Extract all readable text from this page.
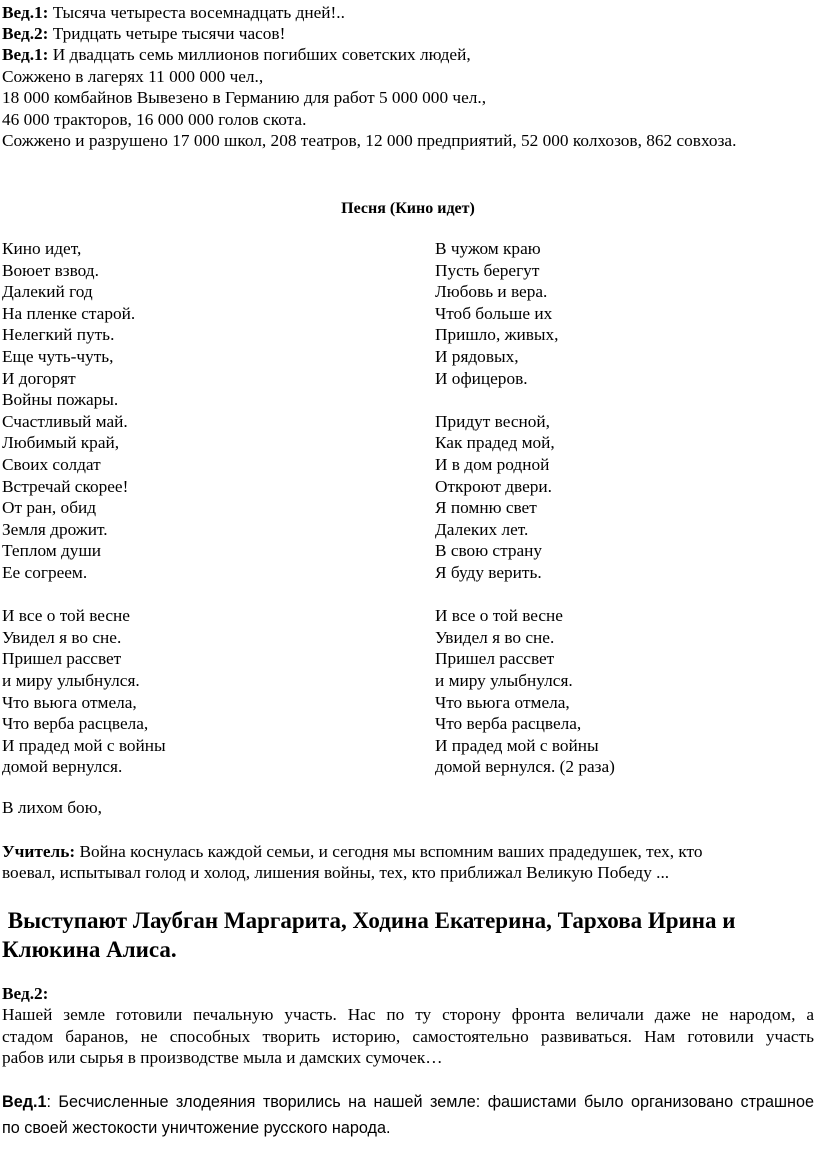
Вед.1: Тысяча четыреста восемнадцать дней!..
Вед.2: Тридцать четыре тысячи часов!
Вед.1: И двадцать семь миллионов погибших советских людей,
Сожжено в лагерях 11 000 000 чел.,
18 000 комбайнов Вывезено в Германию для работ 5 000 000 чел.,
46 000 тракторов, 16 000 000 голов скота.
Сожжено и разрушено 17 000 школ, 208 театров, 12 000 предприятий, 52 000 колхозов, 862 совхоза.
Песня (Кино идет)
Кино идет,
Воюет взвод.
Далекий год
На пленке старой.
Нелегкий путь.
Еще чуть-чуть,
И догорят
Войны пожары.
Счастливый май.
Любимый край,
Своих солдат
Встречай скорее!
От ран, обид
Земля дрожит.
Теплом души
Ее согреем.
И все о той весне
Увидел я во сне.
Пришел рассвет
и миру улыбнулся.
Что вьюга отмела,
Что верба расцвела,
И прадед мой с войны
домой вернулся.
В чужом краю
Пусть берегут
Любовь и вера.
Чтоб больше их
Пришло, живых,
И рядовых,
И офицеров.
Придут весной,
Как прадед мой,
И в дом родной
Откроют двери.
Я помню свет
Далеких лет.
В свою страну
Я буду верить.
И все о той весне
Увидел я во сне.
Пришел рассвет
и миру улыбнулся.
Что вьюга отмела,
Что верба расцвела,
И прадед мой с войны
домой вернулся. (2 раза)
В лихом бою,
Учитель: Война коснулась каждой семьи, и сегодня мы вспомним ваших прадедушек, тех, кто
воевал, испытывал голод и холод, лишения войны, тех, кто приближал Великую Победу ...
Выступают Лаубган Маргарита, Ходина Екатерина, Тархова Ирина и
Клюкина Алиса.
Вед.2:
Нашей земле готовили печальную участь. Нас по ту сторону фронта величали даже не народом, а
стадом баранов, не способных творить историю, самостоятельно развиваться. Нам готовили участь
рабов или сырья в производстве мыла и дамских сумочек…
Вед.1: Бесчисленные злодеяния творились на нашей земле: фашистами было организовано страшное
по своей жестокости уничтожение русского народа.
